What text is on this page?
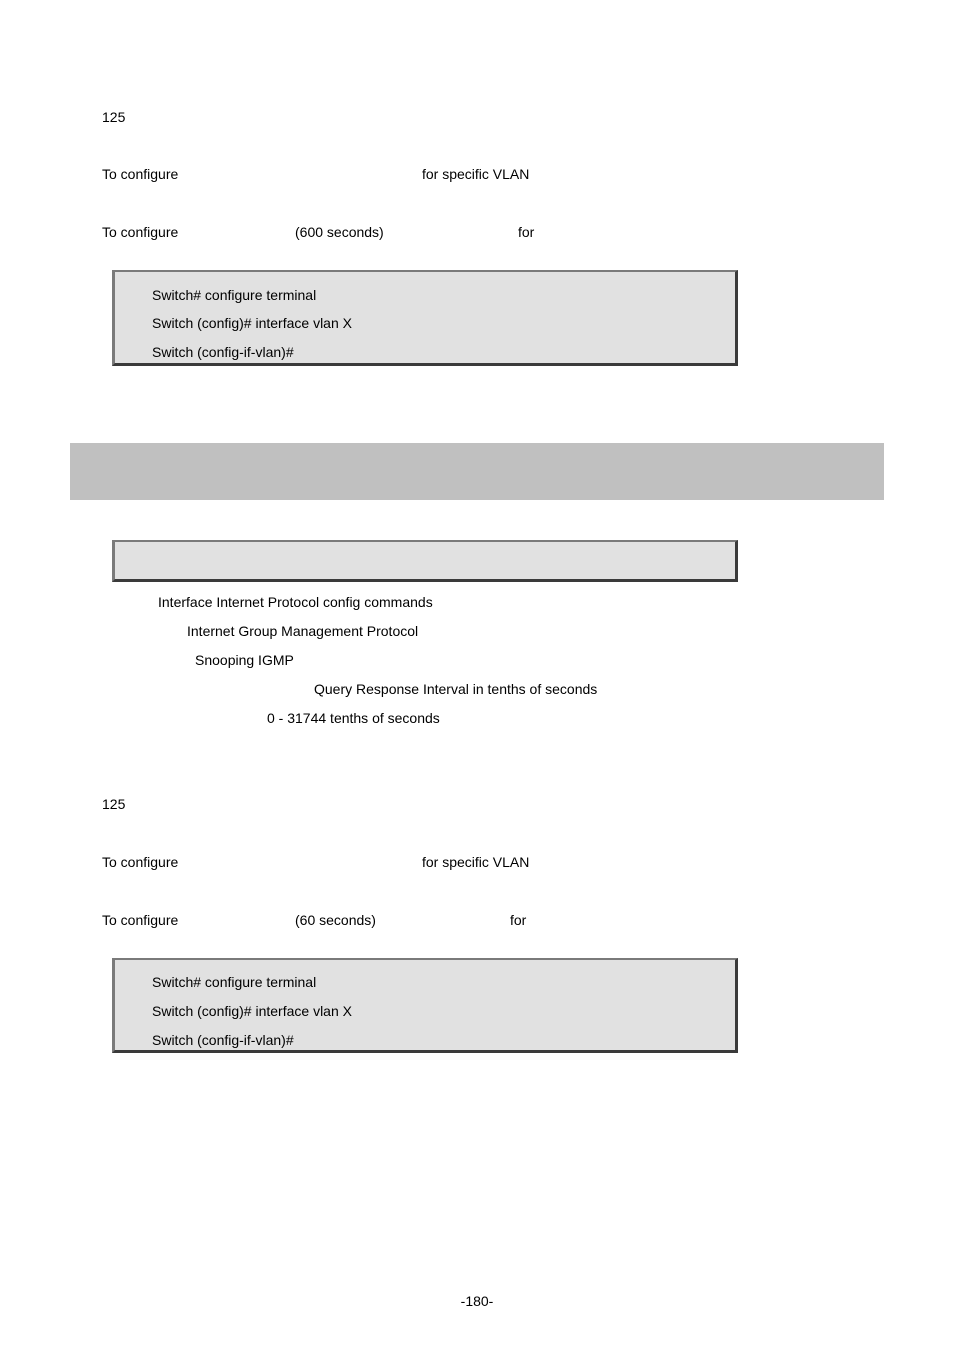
125
To configure	for specific VLAN
To configure	(600 seconds)	for
Switch# configure terminal
Switch (config)# interface vlan X
Switch (config-if-vlan)#
Interface Internet Protocol config commands
Internet Group Management Protocol
Snooping IGMP
Query Response Interval in tenths of seconds
0 - 31744 tenths of seconds
125
To configure	for specific VLAN
To configure	(60 seconds)	for
Switch# configure terminal
Switch (config)# interface vlan X
Switch (config-if-vlan)#
-180-
